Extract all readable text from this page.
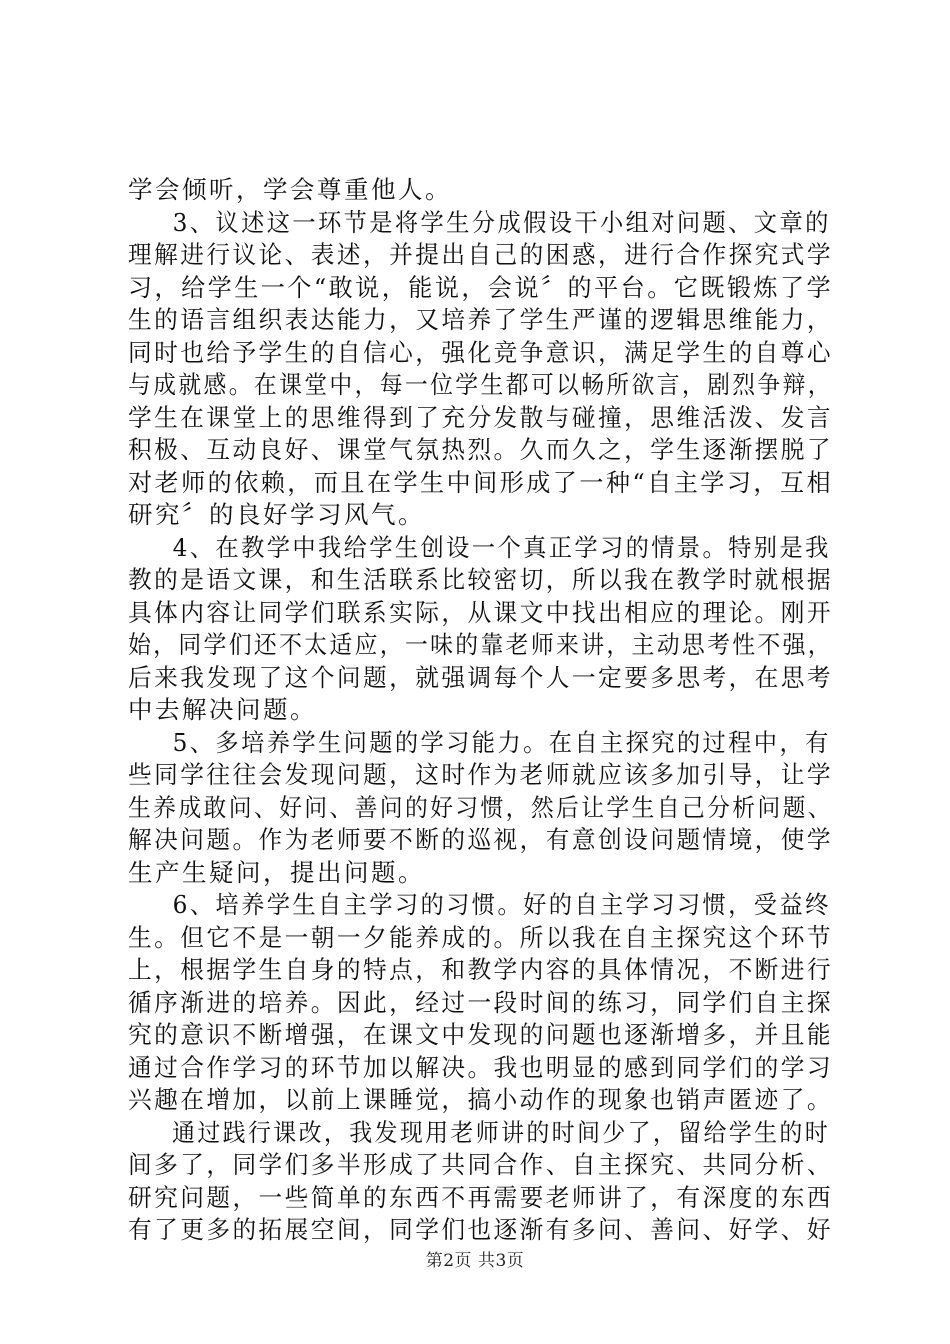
学会倾听，学会尊重他人。
3、议述这一环节是将学生分成假设干小组对问题、文章的
理解进行议论、表述，并提出自己的困惑，进行合作探究式学
习，给学生一个“敢说，能说，会说〞的平台。它既锻炼了学
生的语言组织表达能力，又培养了学生严谨的逻辑思维能力，
同时也给予学生的自信心，强化竞争意识，满足学生的自尊心
与成就感。在课堂中，每一位学生都可以畅所欲言，剧烈争辩，
学生在课堂上的思维得到了充分发散与碰撞，思维活泼、发言
积极、互动良好、课堂气氛热烈。久而久之，学生逐渐摆脱了
对老师的依赖，而且在学生中间形成了一种“自主学习，互相
研究〞的良好学习风气。
4、在教学中我给学生创设一个真正学习的情景。特别是我
教的是语文课，和生活联系比较密切，所以我在教学时就根据
具体内容让同学们联系实际，从课文中找出相应的理论。刚开
始，同学们还不太适应，一味的靠老师来讲，主动思考性不强，
后来我发现了这个问题，就强调每个人一定要多思考，在思考
中去解决问题。
5、多培养学生问题的学习能力。在自主探究的过程中，有
些同学往往会发现问题，这时作为老师就应该多加引导，让学
生养成敢问、好问、善问的好习惯，然后让学生自己分析问题、
解决问题。作为老师要不断的巡视，有意创设问题情境，使学
生产生疑问，提出问题。
6、培养学生自主学习的习惯。好的自主学习习惯，受益终
生。但它不是一朝一夕能养成的。所以我在自主探究这个环节
上，根据学生自身的特点，和教学内容的具体情况，不断进行
循序渐进的培养。因此，经过一段时间的练习，同学们自主探
究的意识不断增强，在课文中发现的问题也逐渐增多，并且能
通过合作学习的环节加以解决。我也明显的感到同学们的学习
兴趣在增加，以前上课睡觉，搞小动作的现象也销声匿迹了。
通过践行课改，我发现用老师讲的时间少了，留给学生的时
间多了，同学们多半形成了共同合作、自主探究、共同分析、
研究问题，一些简单的东西不再需要老师讲了，有深度的东西
有了更多的拓展空间，同学们也逐渐有多问、善问、好学、好
第2页 共3页
